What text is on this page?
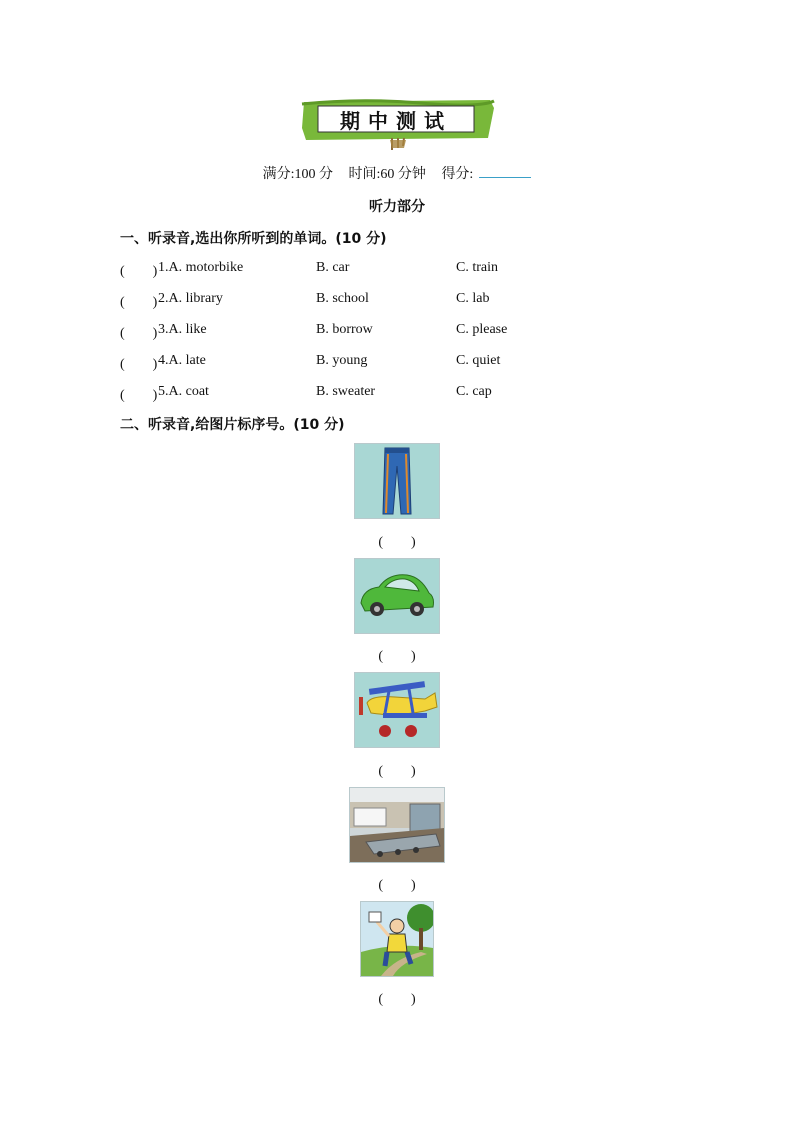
期中测试
满分:100 分 时间:60 分钟 得分:
听力部分
一、听录音,选出你所听到的单词。(10 分)
(　　) 1.A. motorbike	B. car	C. train
(　　) 2.A. library	B. school	C. lab
(　　) 3.A. like	B. borrow	C. please
(　　) 4.A. late	B. young	C. quiet
(　　) 5.A. coat	B. sweater	C. cap
二、听录音,给图片标序号。(10 分)
(　　)
(　　)
(　　)
(　　)
(　　)
